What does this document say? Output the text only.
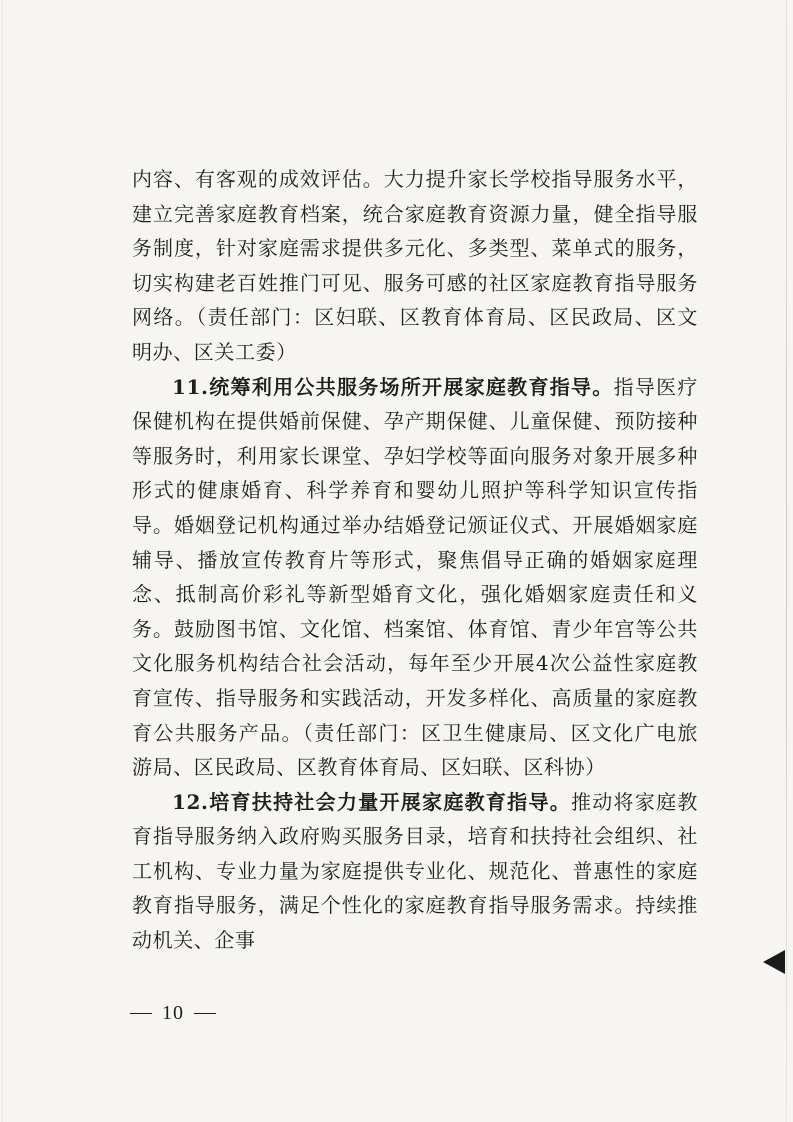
内容、有客观的成效评估。大力提升家长学校指导服务水平，建立完善家庭教育档案，统合家庭教育资源力量，健全指导服务制度，针对家庭需求提供多元化、多类型、菜单式的服务，切实构建老百姓推门可见、服务可感的社区家庭教育指导服务网络。（责任部门：区妇联、区教育体育局、区民政局、区文明办、区关工委）

11.统筹利用公共服务场所开展家庭教育指导。指导医疗保健机构在提供婚前保健、孕产期保健、儿童保健、预防接种等服务时，利用家长课堂、孕妇学校等面向服务对象开展多种形式的健康婚育、科学养育和婴幼儿照护等科学知识宣传指导。婚姻登记机构通过举办结婚登记颁证仪式、开展婚姻家庭辅导、播放宣传教育片等形式，聚焦倡导正确的婚姻家庭理念、抵制高价彩礼等新型婚育文化，强化婚姻家庭责任和义务。鼓励图书馆、文化馆、档案馆、体育馆、青少年宫等公共文化服务机构结合社会活动，每年至少开展4次公益性家庭教育宣传、指导服务和实践活动，开发多样化、高质量的家庭教育公共服务产品。（责任部门：区卫生健康局、区文化广电旅游局、区民政局、区教育体育局、区妇联、区科协）

12.培育扶持社会力量开展家庭教育指导。推动将家庭教育指导服务纳入政府购买服务目录，培育和扶持社会组织、社工机构、专业力量为家庭提供专业化、规范化、普惠性的家庭教育指导服务，满足个性化的家庭教育指导服务需求。持续推动机关、企事

10
